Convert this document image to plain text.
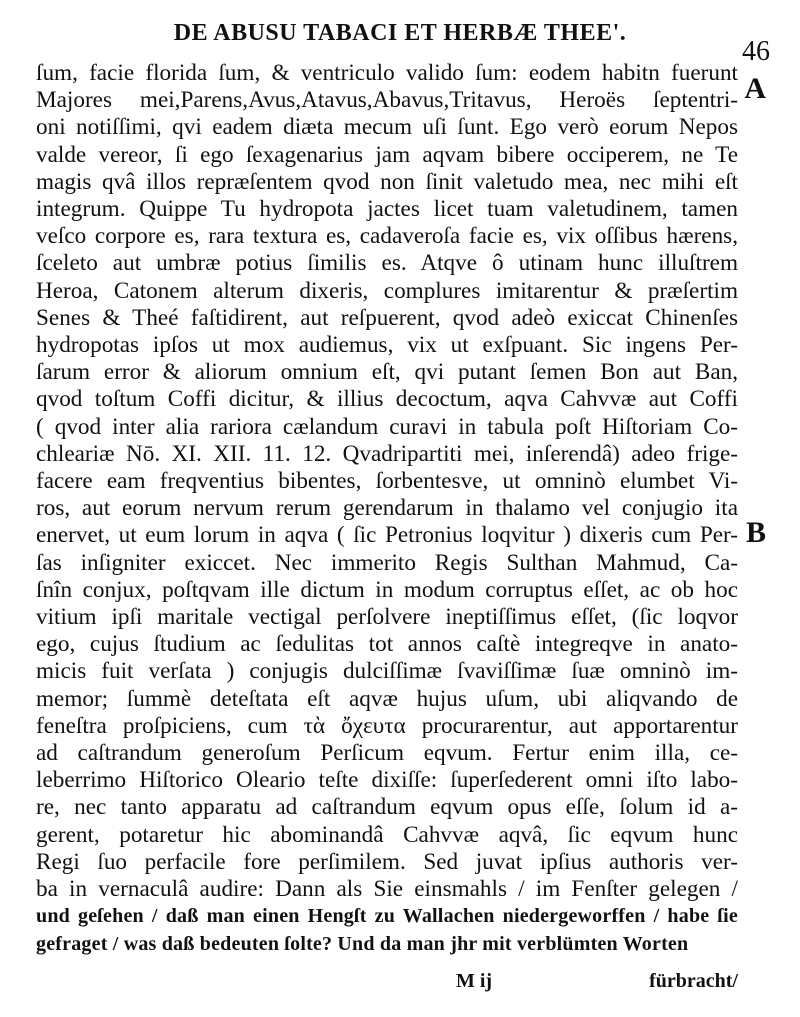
DE ABUSU TABACI ET HERBÆ THEE'.
46
A
B
ſum, facie florida ſum, & ventriculo valido ſum: eodem habitn fuerunt
Majores mei,Parens,Avus,Atavus,Abavus,Tritavus, Heroës ſeptentri-
oni notiſſimi, qvi eadem diæta mecum uſi ſunt. Ego verò eorum Nepos
valde vereor, ſi ego ſexagenarius jam aqvam bibere occiperem, ne Te
magis qvâ illos repræſentem qvod non ſinit valetudo mea, nec mihi eſt
integrum. Quippe Tu hydropota jactes licet tuam valetudinem, tamen
veſco corpore es, rara textura es, cadaveroſa facie es, vix oſſibus hærens,
ſceleto aut umbræ potius ſimilis es. Atqve ô utinam hunc illuſtrem
Heroa, Catonem alterum dixeris, complures imitarentur & præſertim
Senes & Theé faſtidirent, aut reſpuerent, qvod adeò exiccat Chinenſes
hydropotas ipſos ut mox audiemus, vix ut exſpuant. Sic ingens Per-
ſarum error & aliorum omnium eſt, qvi putant ſemen Bon aut Ban,
qvod toſtum Coffi dicitur, & illius decoctum, aqva Cahvvæ aut Coffi
( qvod inter alia rariora cælandum curavi in tabula poſt Hiſtoriam Co-
chleariæ Nō. XI. XII. 11. 12. Qvadripartiti mei, inſerendâ) adeo frige-
facere eam freqventius bibentes, ſorbentesve, ut omninò elumbet Vi-
ros, aut eorum nervum rerum gerendarum in thalamo vel conjugio ita
enervet, ut eum lorum in aqva ( ſic Petronius loqvitur ) dixeris cum Per-
ſas inſigniter exiccet. Nec immerito Regis Sulthan Mahmud, Ca-
ſnîn conjux, poſtqvam ille dictum in modum corruptus eſſet, ac ob hoc
vitium ipſi maritale vectigal perſolvere ineptiſſimus eſſet, (ſic loqvor
ego, cujus ſtudium ac ſedulitas tot annos caſtè integreqve in anato-
micis fuit verſata ) conjugis dulciſſimæ ſvaviſſimæ ſuæ omninò im-
memor; ſummè deteſtata eſt aqvæ hujus uſum, ubi aliqvando de
feneſtra proſpiciens, cum τὰ ὄχευτα procurarentur, aut apportarentur
ad caſtrandum generoſum Perſicum eqvum. Fertur enim illa, ce-
leberrimo Hiſtorico Oleario teſte dixiſſe: ſuperſederent omni iſto labo-
re, nec tanto apparatu ad caſtrandum eqvum opus eſſe, ſolum id a-
gerent, potaretur hic abominandâ Cahvvæ aqvâ, ſic eqvum hunc
Regi ſuo perfacile fore perſimilem. Sed juvat ipſius authoris ver-
ba in vernaculâ audire: Dann als Sie einsmahls / im Fenſter gelegen /
und geſehen / daß man einen Hengſt zu Wallachen niedergeworffen / habe ſie
gefraget / was daß bedeuten ſolte? Und da man jhr mit verblümten Worten
M ij	fürbracht/
